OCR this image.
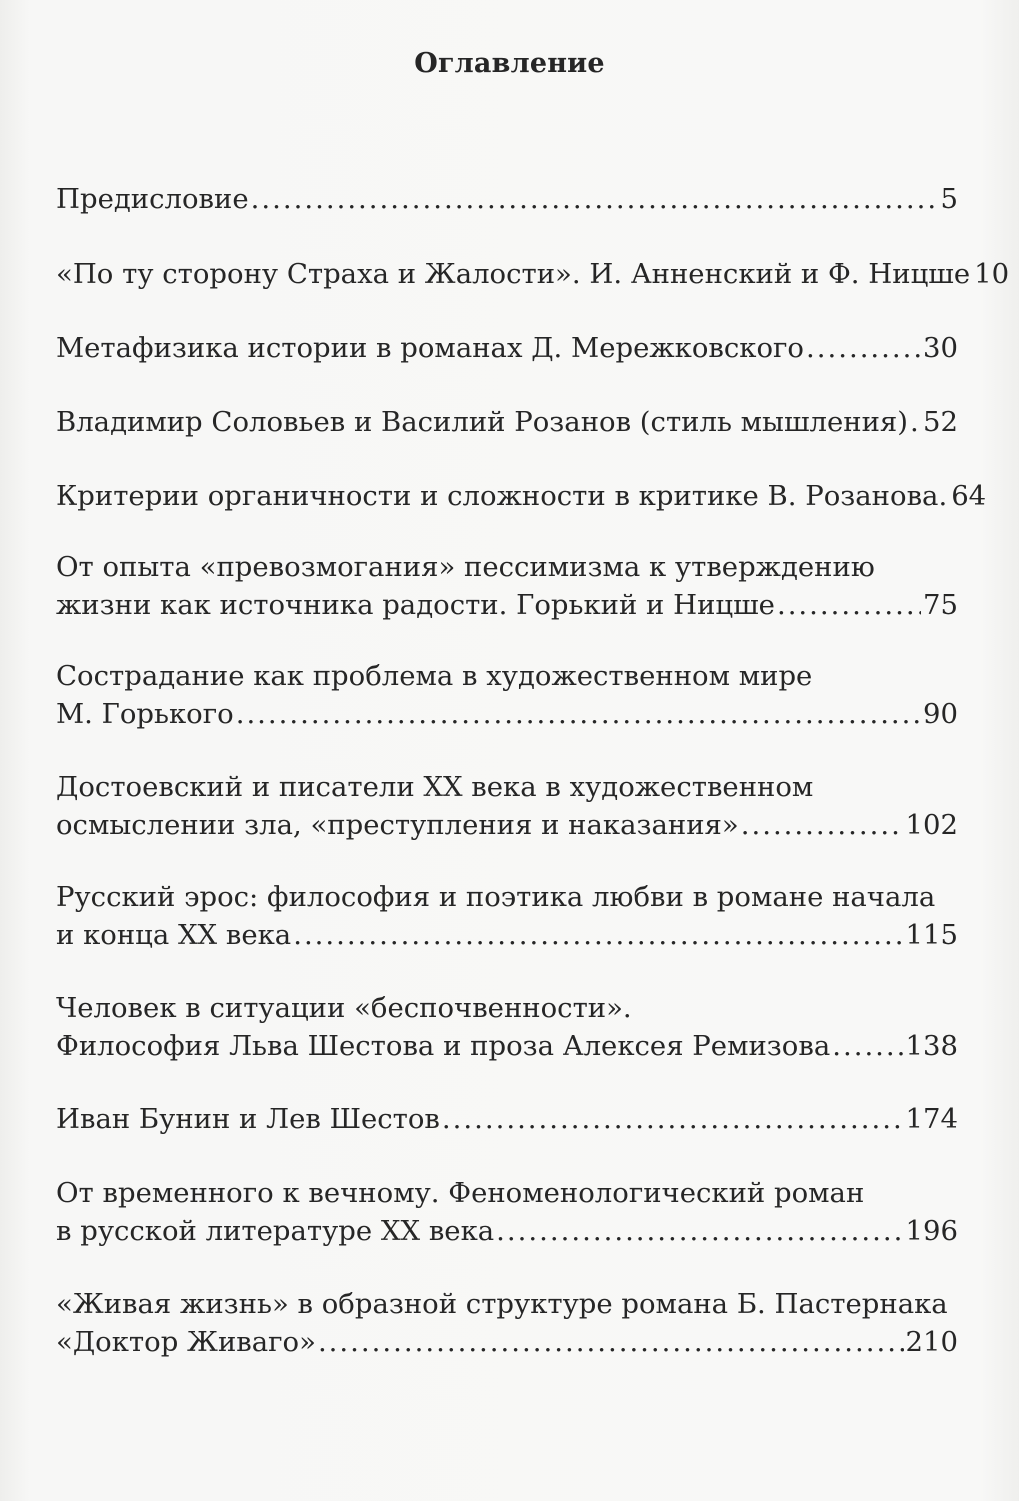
Оглавление
Предисловие .....	5
«По ту сторону Страха и Жалости». И. Анненский и Ф. Ницше 10
Метафизика истории в романах Д. Мережковского .....	30
Владимир Соловьев и Василий Розанов (стиль мышления) ..... 52
Критерии органичности и сложности в критике В. Розанова. 64
От опыта «превозмогания» пессимизма к утверждению
жизни как источника радости. Горький и Ницше .....	75
Сострадание как проблема в художественном мире
М. Горького .....	90
Достоевский и писатели XX века в художественном
осмыслении зла, «преступления и наказания» .....	102
Русский эрос: философия и поэтика любви в романе начала
и конца XX века .....	115
Человек в ситуации «беспочвенности».
Философия Льва Шестова и проза Алексея Ремизова .....	138
Иван Бунин и Лев Шестов .....	174
От временного к вечному. Феноменологический роман
в русской литературе XX века .....	196
«Живая жизнь» в образной структуре романа Б. Пастернака
«Доктор Живаго» .....	210
